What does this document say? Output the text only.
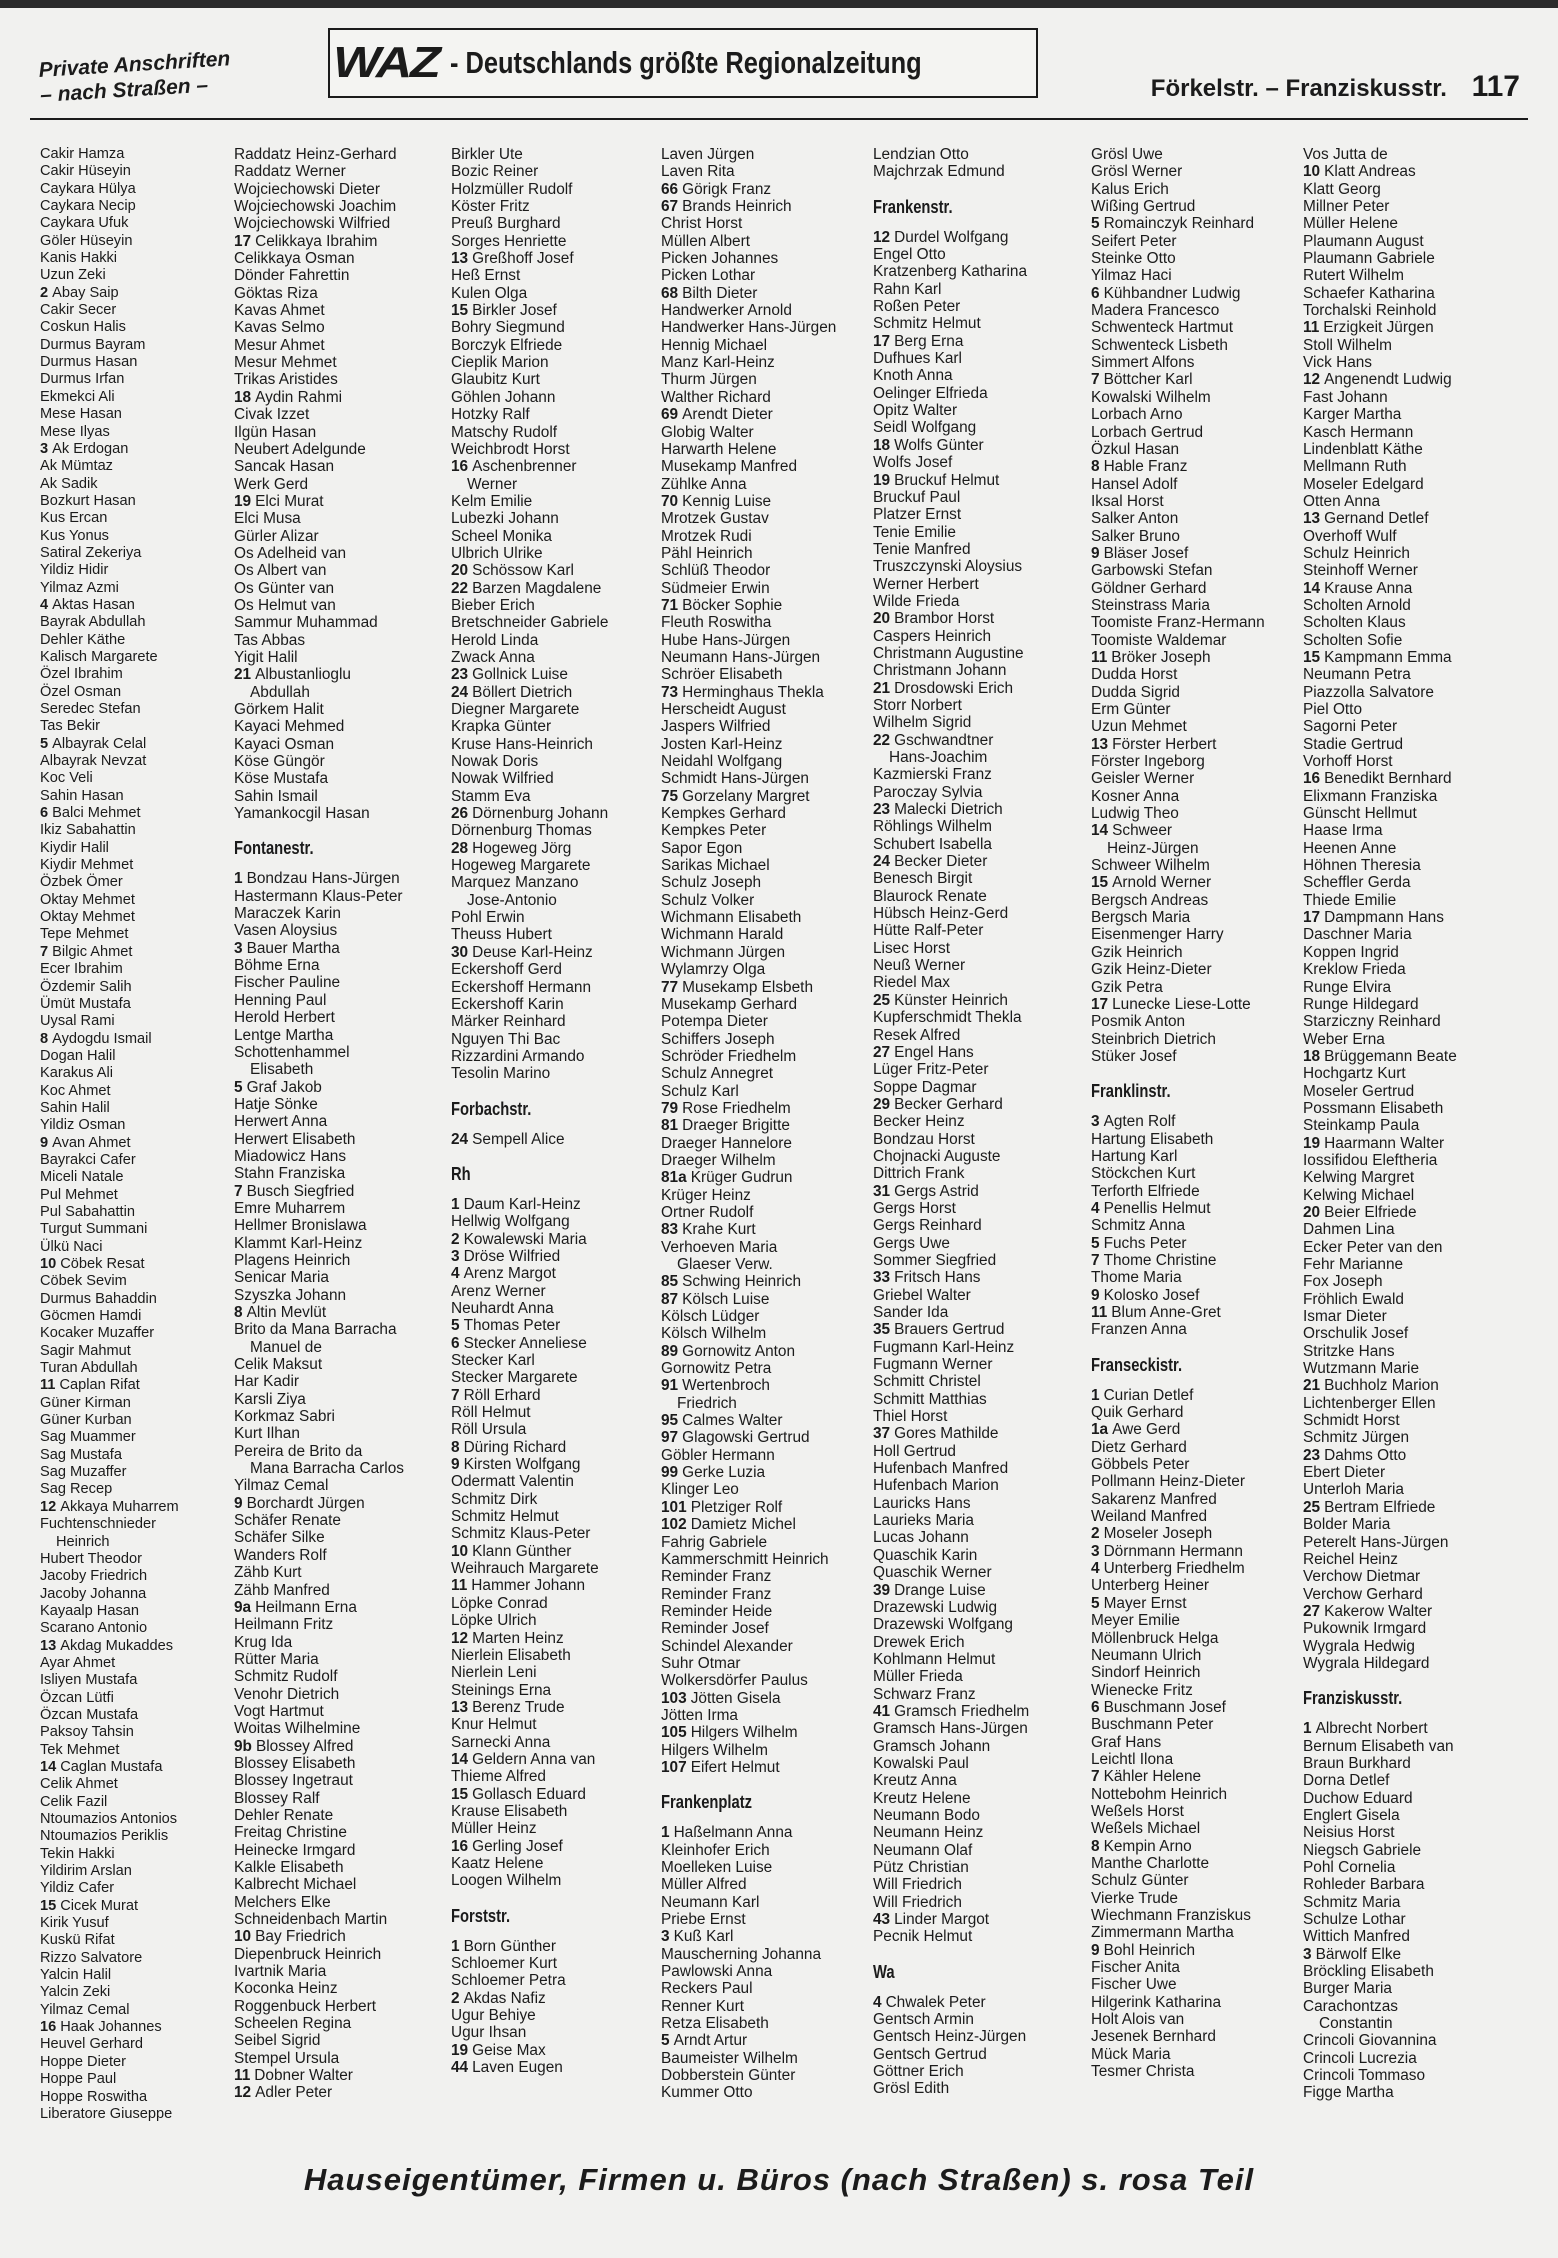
Private Anschriften
– nach Straßen –
WAZ - Deutschlands größte Regionalzeitung
Förkelstr. – Franziskusstr. 117
Cakir Hamza
Cakir Hüseyin
Caykara Hülya
Caykara Necip
Caykara Ufuk
Göler Hüseyin
Kanis Hakki
Uzun Zeki
2 Abay Saip
Cakir Secer
Coskun Halis
Durmus Bayram
Durmus Hasan
Durmus Irfan
Ekmekci Ali
Mese Hasan
Mese Ilyas
3 Ak Erdogan
Ak Mümtaz
Ak Sadik
Bozkurt Hasan
Kus Ercan
Kus Yonus
Satiral Zekeriya
Yildiz Hidir
Yilmaz Azmi
4 Aktas Hasan
Bayrak Abdullah
Dehler Käthe
Kalisch Margarete
Özel Ibrahim
Özel Osman
Seredec Stefan
Tas Bekir
5 Albayrak Celal
Albayrak Nevzat
Koc Veli
Sahin Hasan
6 Balci Mehmet
Ikiz Sabahattin
Kiydir Halil
Kiydir Mehmet
Özbek Ömer
Oktay Mehmet
Oktay Mehmet
Tepe Mehmet
7 Bilgic Ahmet
Ecer Ibrahim
Özdemir Salih
Ümüt Mustafa
Uysal Rami
8 Aydogdu Ismail
Dogan Halil
Karakus Ali
Koc Ahmet
Sahin Halil
Yildiz Osman
9 Avan Ahmet
Bayrakci Cafer
Miceli Natale
Pul Mehmet
Pul Sabahattin
Turgut Summani
Ülkü Naci
10 Cöbek Resat
Cöbek Sevim
Durmus Bahaddin
Göcmen Hamdi
Kocaker Muzaffer
Sagir Mahmut
Turan Abdullah
11 Caplan Rifat
Güner Kirman
Güner Kurban
Sag Muammer
Sag Mustafa
Sag Muzaffer
Sag Recep
12 Akkaya Muharrem
Fuchtenschnieder
Heinrich
Hubert Theodor
Jacoby Friedrich
Jacoby Johanna
Kayaalp Hasan
Scarano Antonio
13 Akdag Mukaddes
Ayar Ahmet
Isliyen Mustafa
Özcan Lütfi
Özcan Mustafa
Paksoy Tahsin
Tek Mehmet
14 Caglan Mustafa
Celik Ahmet
Celik Fazil
Ntoumazios Antonios
Ntoumazios Periklis
Tekin Hakki
Yildirim Arslan
Yildiz Cafer
15 Cicek Murat
Kirik Yusuf
Kuskü Rifat
Rizzo Salvatore
Yalcin Halil
Yalcin Zeki
Yilmaz Cemal
16 Haak Johannes
Heuvel Gerhard
Hoppe Dieter
Hoppe Paul
Hoppe Roswitha
Liberatore Giuseppe
Raddatz Heinz-Gerhard
Raddatz Werner
Wojciechowski Dieter
Wojciechowski Joachim
Wojciechowski Wilfried
17 Celikkaya Ibrahim
Celikkaya Osman
Dönder Fahrettin
Göktas Riza
Kavas Ahmet
Kavas Selmo
Mesur Ahmet
Mesur Mehmet
Trikas Aristides
18 Aydin Rahmi
Civak Izzet
Ilgün Hasan
Neubert Adelgunde
Sancak Hasan
Werk Gerd
19 Elci Murat
Elci Musa
Gürler Alizar
Os Adelheid van
Os Albert van
Os Günter van
Os Helmut van
Sammur Muhammad
Tas Abbas
Yigit Halil
21 Albustanlioglu
Abdullah
Görkem Halit
Kayaci Mehmed
Kayaci Osman
Köse Güngör
Köse Mustafa
Sahin Ismail
Yamankocgil Hasan
Fontanestr.
1 Bondzau Hans-Jürgen
Hastermann Klaus-Peter
Maraczek Karin
Vasen Aloysius
3 Bauer Martha
Böhme Erna
Fischer Pauline
Henning Paul
Herold Herbert
Lentge Martha
Schottenhammel
Elisabeth
5 Graf Jakob
Hatje Sönke
Herwert Anna
Herwert Elisabeth
Miadowicz Hans
Stahn Franziska
7 Busch Siegfried
Emre Muharrem
Hellmer Bronislawa
Klammt Karl-Heinz
Plagens Heinrich
Senicar Maria
Szyszka Johann
8 Altin Mevlüt
Brito da Mana Barracha
Manuel de
Celik Maksut
Har Kadir
Karsli Ziya
Korkmaz Sabri
Kurt Ilhan
Pereira de Brito da
Mana Barracha Carlos
Yilmaz Cemal
9 Borchardt Jürgen
Schäfer Renate
Schäfer Silke
Wanders Rolf
Zähb Kurt
Zähb Manfred
9a Heilmann Erna
Heilmann Fritz
Krug Ida
Rütter Maria
Schmitz Rudolf
Venohr Dietrich
Vogt Hartmut
Woitas Wilhelmine
9b Blossey Alfred
Blossey Elisabeth
Blossey Ingetraut
Blossey Ralf
Dehler Renate
Freitag Christine
Heinecke Irmgard
Kalkle Elisabeth
Kalbrecht Michael
Melchers Elke
Schneidenbach Martin
10 Bay Friedrich
Diepenbruck Heinrich
Ivartnik Maria
Koconka Heinz
Roggenbuck Herbert
Scheelen Regina
Seibel Sigrid
Stempel Ursula
11 Dobner Walter
12 Adler Peter
Birkler Ute
Bozic Reiner
Holzmüller Rudolf
Köster Fritz
Preuß Burghard
Sorges Henriette
13 Greßhoff Josef
Heß Ernst
Kulen Olga
15 Birkler Josef
Bohry Siegmund
Borczyk Elfriede
Cieplik Marion
Glaubitz Kurt
Göhlen Johann
Hotzky Ralf
Matschy Rudolf
Weichbrodt Horst
16 Aschenbrenner
Werner
Kelm Emilie
Lubezki Johann
Scheel Monika
Ulbrich Ulrike
20 Schössow Karl
22 Barzen Magdalene
Bieber Erich
Bretschneider Gabriele
Herold Linda
Zwack Anna
23 Gollnick Luise
24 Böllert Dietrich
Diegner Margarete
Krapka Günter
Kruse Hans-Heinrich
Nowak Doris
Nowak Wilfried
Stamm Eva
26 Dörnenburg Johann
Dörnenburg Thomas
28 Hogeweg Jörg
Hogeweg Margarete
Marquez Manzano
Jose-Antonio
Pohl Erwin
Theuss Hubert
30 Deuse Karl-Heinz
Eckershoff Gerd
Eckershoff Hermann
Eckershoff Karin
Märker Reinhard
Nguyen Thi Bac
Rizzardini Armando
Tesolin Marino
Forbachstr.
24 Sempell Alice
Rh
1 Daum Karl-Heinz
Hellwig Wolfgang
2 Kowalewski Maria
3 Dröse Wilfried
4 Arenz Margot
Arenz Werner
Neuhardt Anna
5 Thomas Peter
6 Stecker Anneliese
Stecker Karl
Stecker Margarete
7 Röll Erhard
Röll Helmut
Röll Ursula
8 Düring Richard
9 Kirsten Wolfgang
Odermatt Valentin
Schmitz Dirk
Schmitz Helmut
Schmitz Klaus-Peter
10 Klann Günther
Weihrauch Margarete
11 Hammer Johann
Löpke Conrad
Löpke Ulrich
12 Marten Heinz
Nierlein Elisabeth
Nierlein Leni
Steinings Erna
13 Berenz Trude
Knur Helmut
Sarnecki Anna
14 Geldern Anna van
Thieme Alfred
15 Gollasch Eduard
Krause Elisabeth
Müller Heinz
16 Gerling Josef
Kaatz Helene
Loogen Wilhelm
Forststr.
1 Born Günther
Schloemer Kurt
Schloemer Petra
2 Akdas Nafiz
Ugur Behiye
Ugur Ihsan
19 Geise Max
44 Laven Eugen
Laven Jürgen
Laven Rita
66 Görigk Franz
67 Brands Heinrich
Christ Horst
Müllen Albert
Picken Johannes
Picken Lothar
68 Bilth Dieter
Handwerker Arnold
Handwerker Hans-Jürgen
Hennig Michael
Manz Karl-Heinz
Thurm Jürgen
Walther Richard
69 Arendt Dieter
Globig Walter
Harwarth Helene
Musekamp Manfred
Zühlke Anna
70 Kennig Luise
Mrotzek Gustav
Mrotzek Rudi
Pähl Heinrich
Schlüß Theodor
Südmeier Erwin
71 Böcker Sophie
Fleuth Roswitha
Hube Hans-Jürgen
Neumann Hans-Jürgen
Schröer Elisabeth
73 Herminghaus Thekla
Herscheidt August
Jaspers Wilfried
Josten Karl-Heinz
Neidahl Wolfgang
Schmidt Hans-Jürgen
75 Gorzelany Margret
Kempkes Gerhard
Kempkes Peter
Sapor Egon
Sarikas Michael
Schulz Joseph
Schulz Volker
Wichmann Elisabeth
Wichmann Harald
Wichmann Jürgen
Wylamrzy Olga
77 Musekamp Elsbeth
Musekamp Gerhard
Potempa Dieter
Schiffers Joseph
Schröder Friedhelm
Schulz Annegret
Schulz Karl
79 Rose Friedhelm
81 Draeger Brigitte
Draeger Hannelore
Draeger Wilhelm
81a Krüger Gudrun
Krüger Heinz
Ortner Rudolf
83 Krahe Kurt
Verhoeven Maria
Glaeser Verw.
85 Schwing Heinrich
87 Kölsch Luise
Kölsch Lüdger
Kölsch Wilhelm
89 Gornowitz Anton
Gornowitz Petra
91 Wertenbroch
Friedrich
95 Calmes Walter
97 Glagowski Gertrud
Göbler Hermann
99 Gerke Luzia
Klinger Leo
101 Pletziger Rolf
102 Damietz Michel
Fahrig Gabriele
Kammerschmitt Heinrich
Reminder Franz
Reminder Franz
Reminder Heide
Reminder Josef
Schindel Alexander
Suhr Otmar
Wolkersdörfer Paulus
103 Jötten Gisela
Jötten Irma
105 Hilgers Wilhelm
Hilgers Wilhelm
107 Eifert Helmut
Frankenplatz
1 Haßelmann Anna
Kleinhofer Erich
Moelleken Luise
Müller Alfred
Neumann Karl
Priebe Ernst
3 Kuß Karl
Mauscherning Johanna
Pawlowski Anna
Reckers Paul
Renner Kurt
Retza Elisabeth
5 Arndt Artur
Baumeister Wilhelm
Dobberstein Günter
Kummer Otto
Lendzian Otto
Majchrzak Edmund
Frankenstr.
12 Durdel Wolfgang
Engel Otto
Kratzenberg Katharina
Rahn Karl
Roßen Peter
Schmitz Helmut
17 Berg Erna
Dufhues Karl
Knoth Anna
Oelinger Elfrieda
Opitz Walter
Seidl Wolfgang
18 Wolfs Günter
Wolfs Josef
19 Bruckuf Helmut
Bruckuf Paul
Platzer Ernst
Tenie Emilie
Tenie Manfred
Truszczynski Aloysius
Werner Herbert
Wilde Frieda
20 Brambor Horst
Caspers Heinrich
Christmann Augustine
Christmann Johann
21 Drosdowski Erich
Storr Norbert
Wilhelm Sigrid
22 Gschwandtner
Hans-Joachim
Kazmierski Franz
Paroczay Sylvia
23 Malecki Dietrich
Röhlings Wilhelm
Schubert Isabella
24 Becker Dieter
Benesch Birgit
Blaurock Renate
Hübsch Heinz-Gerd
Hütte Ralf-Peter
Lisec Horst
Neuß Werner
Riedel Max
25 Künster Heinrich
Kupferschmidt Thekla
Resek Alfred
27 Engel Hans
Lüger Fritz-Peter
Soppe Dagmar
29 Becker Gerhard
Becker Heinz
Bondzau Horst
Chojnacki Auguste
Dittrich Frank
31 Gergs Astrid
Gergs Horst
Gergs Reinhard
Gergs Uwe
Sommer Siegfried
33 Fritsch Hans
Griebel Walter
Sander Ida
35 Brauers Gertrud
Fugmann Karl-Heinz
Fugmann Werner
Schmitt Christel
Schmitt Matthias
Thiel Horst
37 Gores Mathilde
Holl Gertrud
Hufenbach Manfred
Hufenbach Marion
Lauricks Hans
Laurieks Maria
Lucas Johann
Quaschik Karin
Quaschik Werner
39 Drange Luise
Drazewski Ludwig
Drazewski Wolfgang
Drewek Erich
Kohlmann Helmut
Müller Frieda
Schwarz Franz
41 Gramsch Friedhelm
Gramsch Hans-Jürgen
Gramsch Johann
Kowalski Paul
Kreutz Anna
Kreutz Helene
Neumann Bodo
Neumann Heinz
Neumann Olaf
Pütz Christian
Will Friedrich
Will Friedrich
43 Linder Margot
Pecnik Helmut
Wa
4 Chwalek Peter
Gentsch Armin
Gentsch Heinz-Jürgen
Gentsch Gertrud
Göttner Erich
Grösl Edith
Grösl Uwe
Grösl Werner
Kalus Erich
Wißing Gertrud
5 Romainczyk Reinhard
Seifert Peter
Steinke Otto
Yilmaz Haci
6 Kühbandner Ludwig
Madera Francesco
Schwenteck Hartmut
Schwenteck Lisbeth
Simmert Alfons
7 Böttcher Karl
Kowalski Wilhelm
Lorbach Arno
Lorbach Gertrud
Özkul Hasan
8 Hable Franz
Hansel Adolf
Iksal Horst
Salker Anton
Salker Bruno
9 Bläser Josef
Garbowski Stefan
Göldner Gerhard
Steinstrass Maria
Toomiste Franz-Hermann
Toomiste Waldemar
11 Bröker Joseph
Dudda Horst
Dudda Sigrid
Erm Günter
Uzun Mehmet
13 Förster Herbert
Förster Ingeborg
Geisler Werner
Kosner Anna
Ludwig Theo
14 Schweer
Heinz-Jürgen
Schweer Wilhelm
15 Arnold Werner
Bergsch Andreas
Bergsch Maria
Eisenmenger Harry
Gzik Heinrich
Gzik Heinz-Dieter
Gzik Petra
17 Lunecke Liese-Lotte
Posmik Anton
Steinbrich Dietrich
Stüker Josef
Franklinstr.
3 Agten Rolf
Hartung Elisabeth
Hartung Karl
Stöckchen Kurt
Terforth Elfriede
4 Penellis Helmut
Schmitz Anna
5 Fuchs Peter
7 Thome Christine
Thome Maria
9 Kolosko Josef
11 Blum Anne-Gret
Franzen Anna
Franseckistr.
1 Curian Detlef
Quik Gerhard
1a Awe Gerd
Dietz Gerhard
Göbbels Peter
Pollmann Heinz-Dieter
Sakarenz Manfred
Weiland Manfred
2 Moseler Joseph
3 Dörnmann Hermann
4 Unterberg Friedhelm
Unterberg Heiner
5 Mayer Ernst
Meyer Emilie
Möllenbruck Helga
Neumann Ulrich
Sindorf Heinrich
Wienecke Fritz
6 Buschmann Josef
Buschmann Peter
Graf Hans
Leichtl Ilona
7 Kähler Helene
Nottebohm Heinrich
Weßels Horst
Weßels Michael
8 Kempin Arno
Manthe Charlotte
Schulz Günter
Vierke Trude
Wiechmann Franziskus
Zimmermann Martha
9 Bohl Heinrich
Fischer Anita
Fischer Uwe
Hilgerink Katharina
Holt Alois van
Jesenek Bernhard
Mück Maria
Tesmer Christa
Vos Jutta de
10 Klatt Andreas
Klatt Georg
Millner Peter
Müller Helene
Plaumann August
Plaumann Gabriele
Rutert Wilhelm
Schaefer Katharina
Torchalski Reinhold
11 Erzigkeit Jürgen
Stoll Wilhelm
Vick Hans
12 Angenendt Ludwig
Fast Johann
Karger Martha
Kasch Hermann
Lindenblatt Käthe
Mellmann Ruth
Moseler Edelgard
Otten Anna
13 Gernand Detlef
Overhoff Wulf
Schulz Heinrich
Steinhoff Werner
14 Krause Anna
Scholten Arnold
Scholten Klaus
Scholten Sofie
15 Kampmann Emma
Neumann Petra
Piazzolla Salvatore
Piel Otto
Sagorni Peter
Stadie Gertrud
Vorhoff Horst
16 Benedikt Bernhard
Elixmann Franziska
Günscht Hellmut
Haase Irma
Heenen Anne
Höhnen Theresia
Scheffler Gerda
Thiede Emilie
17 Dampmann Hans
Daschner Maria
Koppen Ingrid
Kreklow Frieda
Runge Elvira
Runge Hildegard
Starziczny Reinhard
Weber Erna
18 Brüggemann Beate
Hochgartz Kurt
Moseler Gertrud
Possmann Elisabeth
Steinkamp Paula
19 Haarmann Walter
Iossifidou Eleftheria
Kelwing Margret
Kelwing Michael
20 Beier Elfriede
Dahmen Lina
Ecker Peter van den
Fehr Marianne
Fox Joseph
Fröhlich Ewald
Ismar Dieter
Orschulik Josef
Stritzke Hans
Wutzmann Marie
21 Buchholz Marion
Lichtenberger Ellen
Schmidt Horst
Schmitz Jürgen
23 Dahms Otto
Ebert Dieter
Unterloh Maria
25 Bertram Elfriede
Bolder Maria
Peterelt Hans-Jürgen
Reichel Heinz
Verchow Dietmar
Verchow Gerhard
27 Kakerow Walter
Pukownik Irmgard
Wygrala Hedwig
Wygrala Hildegard
Franziskusstr.
1 Albrecht Norbert
Bernum Elisabeth van
Braun Burkhard
Dorna Detlef
Duchow Eduard
Englert Gisela
Neisius Horst
Niegsch Gabriele
Pohl Cornelia
Rohleder Barbara
Schmitz Maria
Schulze Lothar
Wittich Manfred
3 Bärwolf Elke
Bröckling Elisabeth
Burger Maria
Carachontzas
Constantin
Crincoli Giovannina
Crincoli Lucrezia
Crincoli Tommaso
Figge Martha
Hauseigentümer, Firmen u. Büros (nach Straßen) s. rosa Teil
